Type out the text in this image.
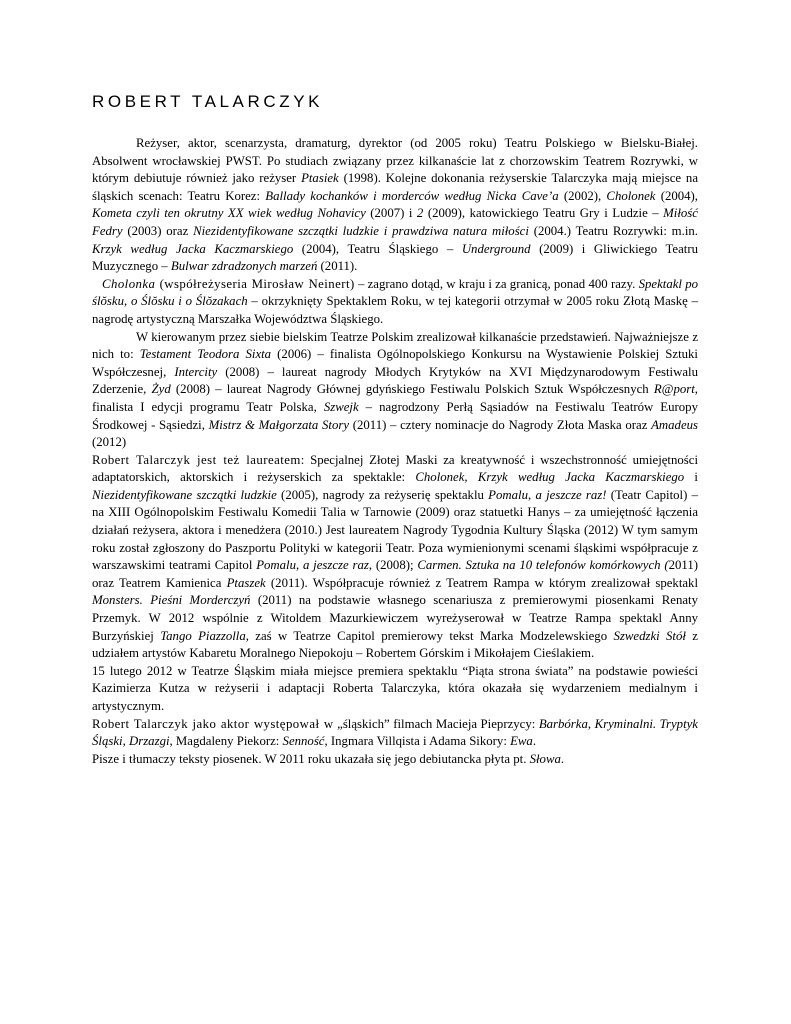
ROBERT TALARCZYK

Reżyser, aktor, scenarzysta, dramaturg, dyrektor (od 2005 roku) Teatru Polskiego w Bielsku-Białej. Absolwent wrocławskiej PWST. Po studiach związany przez kilkanaście lat z chorzowskim Teatrem Rozrywki, w którym debiutuje również jako reżyser Ptasiek (1998). Kolejne dokonania reżyserskie Talarczyka mają miejsce na śląskich scenach: Teatru Korez: Ballady kochanków i morderców według Nicka Cave’a (2002), Cholonek (2004), Kometa czyli ten okrutny XX wiek według Nohavicy (2007) i 2 (2009), katowickiego Teatru Gry i Ludzie – Miłość Fedry (2003) oraz Niezidentyfikowane szczątki ludzkie i prawdziwa natura miłości (2004.) Teatru Rozrywki: m.in. Krzyk według Jacka Kaczmarskiego (2004), Teatru Śląskiego – Underground (2009) i Gliwickiego Teatru Muzycznego – Bulwar zdradzonych marzeń (2011).

Cholonka (współreżyseria Mirosław Neinert) – zagrano dotąd, w kraju i za granicą, ponad 400 razy. Spektakl po ślŏsku, o Ślŏsku i o Ślŏzakach – okrzyknięty Spektaklem Roku, w tej kategorii otrzymał w 2005 roku Złotą Maskę – nagrodę artystyczną Marszałka Województwa Śląskiego.

W kierowanym przez siebie bielskim Teatrze Polskim zrealizował kilkanaście przedstawień. Najważniejsze z nich to: Testament Teodora Sixta (2006) – finalista Ogólnopolskiego Konkursu na Wystawienie Polskiej Sztuki Współczesnej, Intercity (2008) – laureat nagrody Młodych Krytyków na XVI Międzynarodowym Festiwalu Zderzenie, Żyd (2008) – laureat Nagrody Głównej gdyńskiego Festiwalu Polskich Sztuk Współczesnych R@port, finalista I edycji programu Teatr Polska, Szwejk – nagrodzony Perłą Sąsiadów na Festiwalu Teatrów Europy Środkowej - Sąsiedzi, Mistrz & Małgorzata Story (2011) – cztery nominacje do Nagrody Złota Maska oraz Amadeus (2012)

Robert Talarczyk jest też laureatem: Specjalnej Złotej Maski za kreatywność i wszechstronność umiejętności adaptatorskich, aktorskich i reżyserskich za spektakle: Cholonek, Krzyk według Jacka Kaczmarskiego i Niezidentyfikowane szczątki ludzkie (2005), nagrody za reżyserię spektaklu Pomalu, a jeszcze raz! (Teatr Capitol) – na XIII Ogólnopolskim Festiwalu Komedii Talia w Tarnowie (2009) oraz statuetki Hanys – za umiejętność łączenia działań reżysera, aktora i menedżera (2010.) Jest laureatem Nagrody Tygodnia Kultury Śląska (2012) W tym samym roku został zgłoszony do Paszportu Polityki w kategorii Teatr. Poza wymienionymi scenami śląskimi współpracuje z warszawskimi teatrami Capitol Pomalu, a jeszcze raz, (2008); Carmen. Sztuka na 10 telefonów komórkowych (2011) oraz Teatrem Kamienica Ptaszek (2011). Współpracuje również z Teatrem Rampa w którym zrealizował spektakl Monsters. Pieśni Morderczyń (2011) na podstawie własnego scenariusza z premierowymi piosenkami Renaty Przemyk. W 2012 wspólnie z Witoldem Mazurkiewiczem wyreżyserował w Teatrze Rampa spektakl Anny Burzyńskiej Tango Piazzolla, zaś w Teatrze Capitol premierowy tekst Marka Modzelewskiego Szwedzki Stół z udziałem artystów Kabaretu Moralnego Niepokoju – Robertem Górskim i Mikołajem Cieślakiem.

15 lutego 2012 w Teatrze Śląskim miała miejsce premiera spektaklu “Piąta strona świata” na podstawie powieści Kazimierza Kutza w reżyserii i adaptacji Roberta Talarczyka, która okazała się wydarzeniem medialnym i artystycznym.

Robert Talarczyk jako aktor występował w „śląskich” filmach Macieja Pieprzycy: Barbórka, Kryminalni. Tryptyk Śląski, Drzazgi, Magdaleny Piekorz: Senność, Ingmara Villqista i Adama Sikory: Ewa.

Pisze i tłumaczy teksty piosenek. W 2011 roku ukazała się jego debiutancka płyta pt. Słowa.
